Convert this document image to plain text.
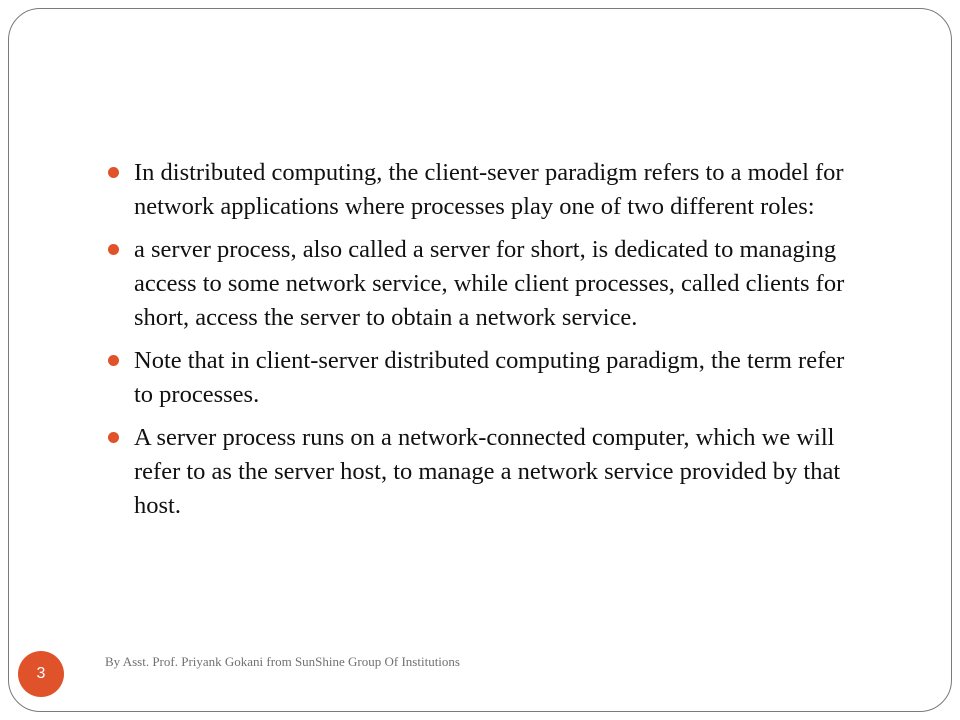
In distributed computing, the client-sever paradigm refers to a model for network applications where processes play one of two different roles:
a server process, also called a server for short, is dedicated to managing access to some network service, while client processes, called clients for short, access the server to obtain a network service.
Note that in client-server distributed computing paradigm, the term refer to processes.
A server process runs on a network-connected computer, which we will refer to as the server host, to manage a network service provided by that host.
3
By Asst. Prof. Priyank Gokani from SunShine Group Of Institutions
